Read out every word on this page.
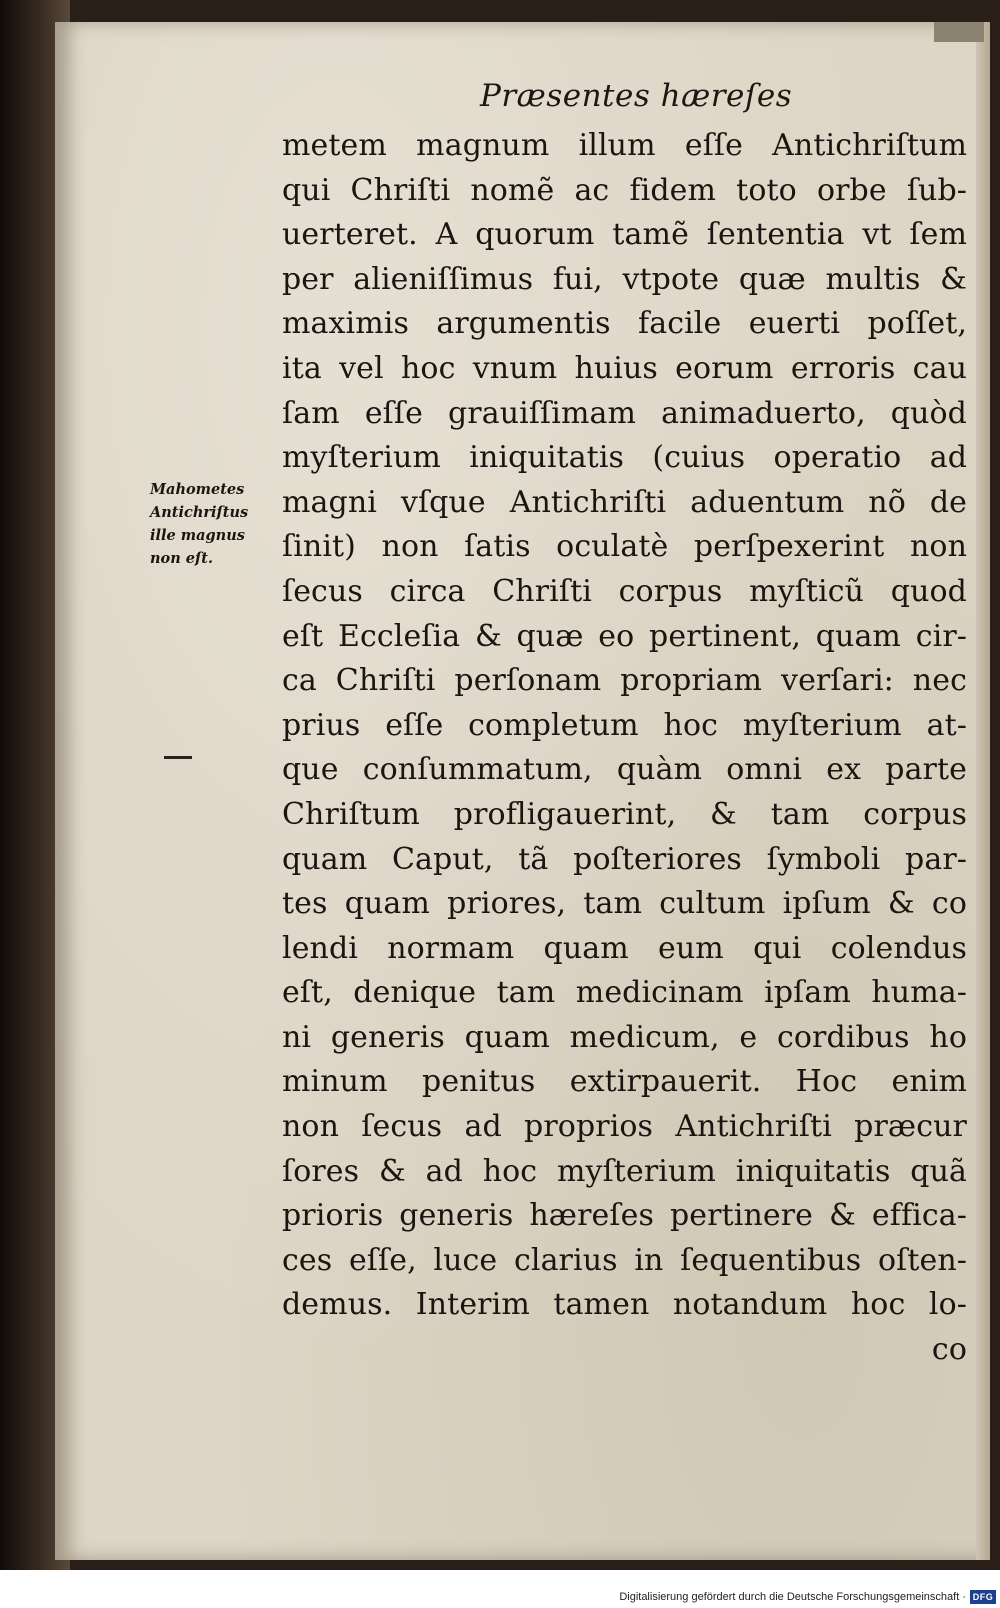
Præsentes hæreſes
Mahometes
Antichriſtus
ille magnus
non eſt.
metem magnum illum eſſe Antichriſtum
qui Chriſti nomẽ ac fidem toto orbe ſub-
uerteret. A quorum tamẽ ſententia vt ſem
per alieniſſimus fui, vtpote quæ multis &
maximis argumentis facile euerti poſſet,
ita vel hoc vnum huius eorum erroris cau
ſam eſſe grauiſſimam animaduerto, quòd
myſterium iniquitatis (cuius operatio ad
magni vſque Antichriſti aduentum nõ de
ſinit) non ſatis oculatè perſpexerint non
ſecus circa Chriſti corpus myſticũ quod
eſt Eccleſia & quæ eo pertinent, quam cir-
ca Chriſti perſonam propriam verſari: nec
prius eſſe completum hoc myſterium at-
que conſummatum, quàm omni ex parte
Chriſtum profligauerint, & tam corpus
quam Caput, tã poſteriores ſymboli par-
tes quam priores, tam cultum ipſum & co
lendi normam quam eum qui colendus
eſt, denique tam medicinam ipſam huma-
ni generis quam medicum, e cordibus ho
minum penitus extirpauerit. Hoc enim
non ſecus ad proprios Antichriſti præcur
ſores & ad hoc myſterium iniquitatis quã
prioris generis hæreſes pertinere & effica-
ces eſſe, luce clarius in ſequentibus oſten-
demus. Interim tamen notandum hoc lo-
co
Digitalisierung gefördert durch die Deutsche Forschungsgemeinschaft · DFG
